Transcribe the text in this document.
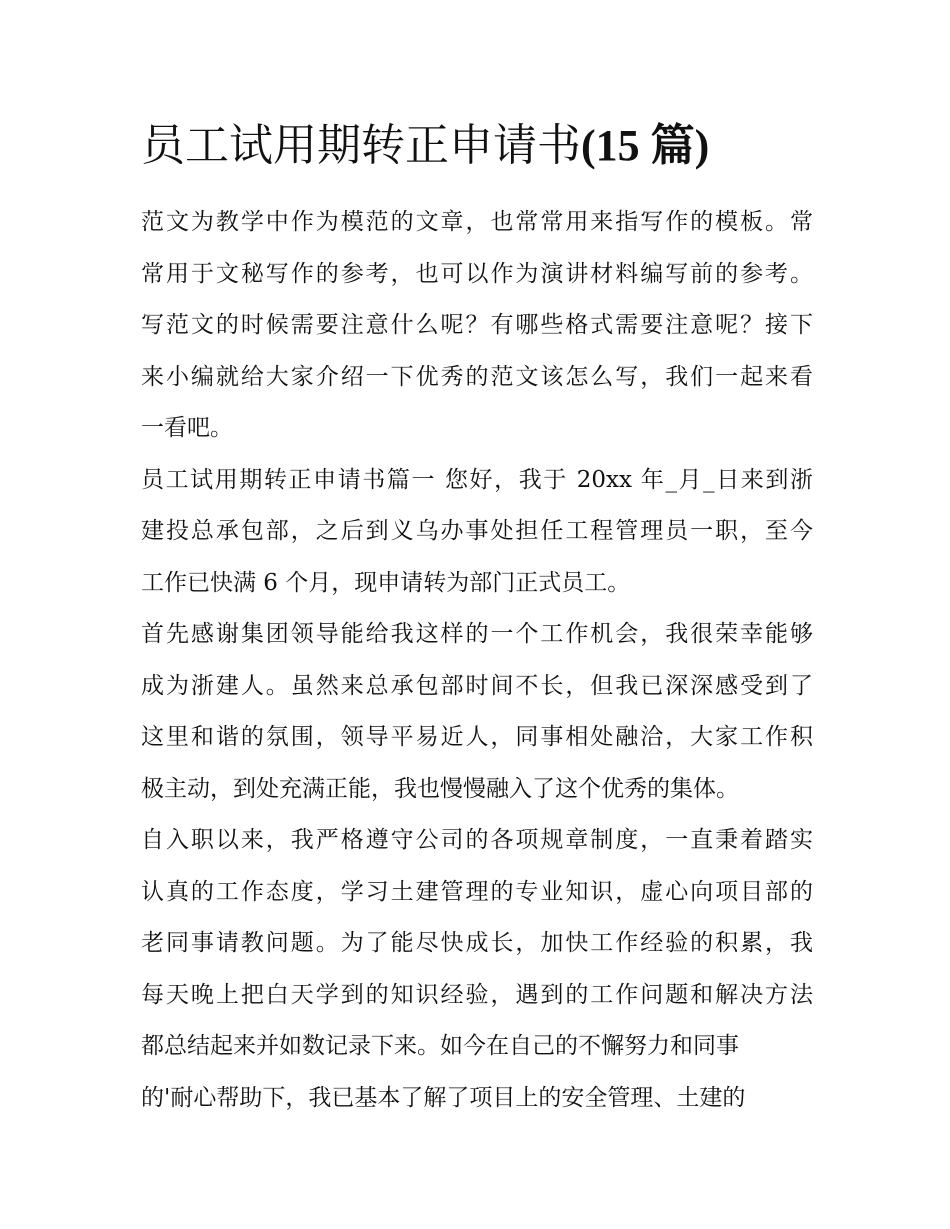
员工试用期转正申请书(15 篇)
范文为教学中作为模范的文章，也常常用来指写作的模板。常
常用于文秘写作的参考，也可以作为演讲材料编写前的参考。
写范文的时候需要注意什么呢？有哪些格式需要注意呢？接下
来小编就给大家介绍一下优秀的范文该怎么写，我们一起来看
一看吧。
员工试用期转正申请书篇一 您好，我于 20xx 年_月_日来到浙
建投总承包部，之后到义乌办事处担任工程管理员一职，至今
工作已快满 6 个月，现申请转为部门正式员工。
首先感谢集团领导能给我这样的一个工作机会，我很荣幸能够
成为浙建人。虽然来总承包部时间不长，但我已深深感受到了
这里和谐的氛围，领导平易近人，同事相处融洽，大家工作积
极主动，到处充满正能，我也慢慢融入了这个优秀的集体。
自入职以来，我严格遵守公司的各项规章制度，一直秉着踏实
认真的工作态度，学习土建管理的专业知识，虚心向项目部的
老同事请教问题。为了能尽快成长，加快工作经验的积累，我
每天晚上把白天学到的知识经验，遇到的工作问题和解决方法
都总结起来并如数记录下来。如今在自己的不懈努力和同事
的'耐心帮助下，我已基本了解了项目上的安全管理、土建的
